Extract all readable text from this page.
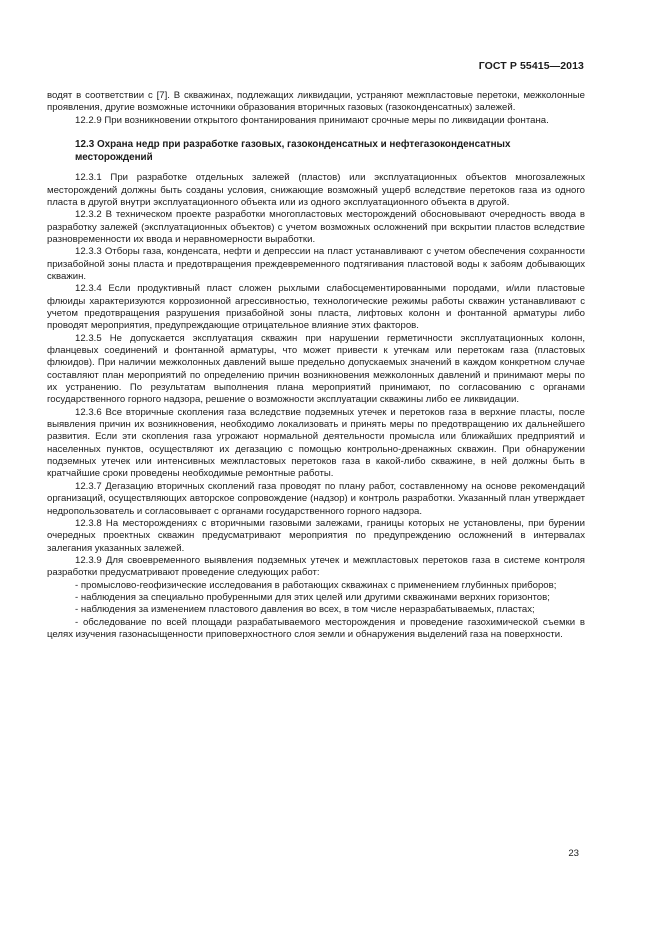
ГОСТ Р 55415—2013

водят в соответствии с [7]. В скважинах, подлежащих ликвидации, устраняют межпластовые перетоки, межколонные проявления, другие возможные источники образования вторичных газовых (газоконденсатных) залежей.

12.2.9 При возникновении открытого фонтанирования принимают срочные меры по ликвидации фонтана.

12.3 Охрана недр при разработке газовых, газоконденсатных и нефтегазоконденсатных месторождений

12.3.1 При разработке отдельных залежей (пластов) или эксплуатационных объектов многозалежных месторождений должны быть созданы условия, снижающие возможный ущерб вследствие перетоков газа из одного пласта в другой внутри эксплуатационного объекта или из одного эксплуатационного объекта в другой.

12.3.2 В техническом проекте разработки многопластовых месторождений обосновывают очередность ввода в разработку залежей (эксплуатационных объектов) с учетом возможных осложнений при вскрытии пластов вследствие разновременности их ввода и неравномерности выработки.

12.3.3 Отборы газа, конденсата, нефти и депрессии на пласт устанавливают с учетом обеспечения сохранности призабойной зоны пласта и предотвращения преждевременного подтягивания пластовой воды к забоям добывающих скважин.

12.3.4 Если продуктивный пласт сложен рыхлыми слабосцементированными породами, и/или пластовые флюиды характеризуются коррозионной агрессивностью, технологические режимы работы скважин устанавливают с учетом предотвращения разрушения призабойной зоны пласта, лифтовых колонн и фонтанной арматуры либо проводят мероприятия, предупреждающие отрицательное влияние этих факторов.

12.3.5 Не допускается эксплуатация скважин при нарушении герметичности эксплуатационных колонн, фланцевых соединений и фонтанной арматуры, что может привести к утечкам или перетокам газа (пластовых флюидов). При наличии межколонных давлений выше предельно допускаемых значений в каждом конкретном случае составляют план мероприятий по определению причин возникновения межколонных давлений и принимают меры по их устранению. По результатам выполнения плана мероприятий принимают, по согласованию с органами государственного горного надзора, решение о возможности эксплуатации скважины либо ее ликвидации.

12.3.6 Все вторичные скопления газа вследствие подземных утечек и перетоков газа в верхние пласты, после выявления причин их возникновения, необходимо локализовать и принять меры по предотвращению их дальнейшего развития. Если эти скопления газа угрожают нормальной деятельности промысла или ближайших предприятий и населенных пунктов, осуществляют их дегазацию с помощью контрольно-дренажных скважин. При обнаружении подземных утечек или интенсивных межпластовых перетоков газа в какой-либо скважине, в ней должны быть в кратчайшие сроки проведены необходимые ремонтные работы.

12.3.7 Дегазацию вторичных скоплений газа проводят по плану работ, составленному на основе рекомендаций организаций, осуществляющих авторское сопровождение (надзор) и контроль разработки. Указанный план утверждает недропользователь и согласовывает с органами государственного горного надзора.

12.3.8 На месторождениях с вторичными газовыми залежами, границы которых не установлены, при бурении очередных проектных скважин предусматривают мероприятия по предупреждению осложнений в интервалах залегания указанных залежей.

12.3.9 Для своевременного выявления подземных утечек и межпластовых перетоков газа в системе контроля разработки предусматривают проведение следующих работ:

- промыслово-геофизические исследования в работающих скважинах с применением глубинных приборов;

- наблюдения за специально пробуренными для этих целей или другими скважинами верхних горизонтов;

- наблюдения за изменением пластового давления во всех, в том числе неразрабатываемых, пластах;

- обследование по всей площади разрабатываемого месторождения и проведение газохимической съемки в целях изучения газонасыщенности приповерхностного слоя земли и обнаружения выделений газа на поверхности.

23
